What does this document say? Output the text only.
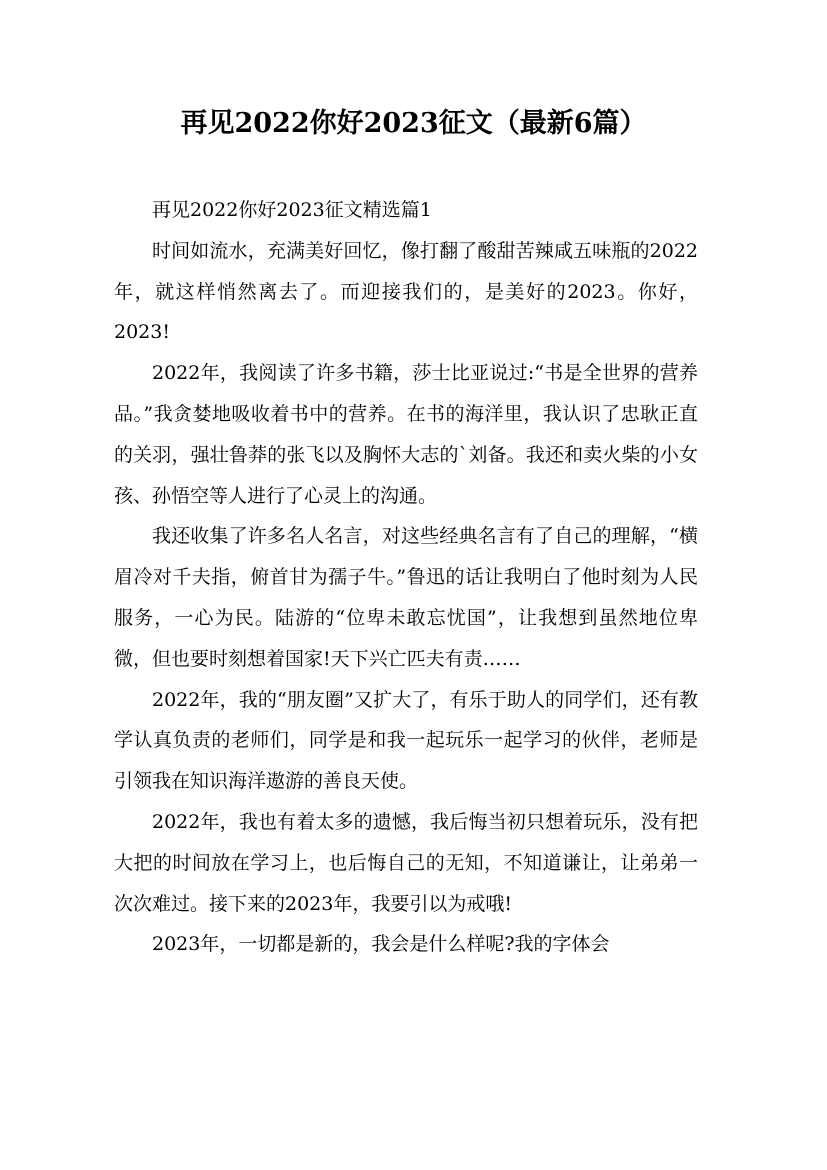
再见2022你好2023征文（最新6篇）

再见2022你好2023征文精选篇1

时间如流水，充满美好回忆，像打翻了酸甜苦辣咸五味瓶的2022年，就这样悄然离去了。而迎接我们的，是美好的2023。你好，2023!

2022年，我阅读了许多书籍，莎士比亚说过:“书是全世界的营养品。”我贪婪地吸收着书中的营养。在书的海洋里，我认识了忠耿正直的关羽，强壮鲁莽的张飞以及胸怀大志的`刘备。我还和卖火柴的小女孩、孙悟空等人进行了心灵上的沟通。

我还收集了许多名人名言，对这些经典名言有了自己的理解，“横眉冷对千夫指，俯首甘为孺子牛。”鲁迅的话让我明白了他时刻为人民服务，一心为民。陆游的“位卑未敢忘忧国”，让我想到虽然地位卑微，但也要时刻想着国家!天下兴亡匹夫有责……

2022年，我的“朋友圈”又扩大了，有乐于助人的同学们，还有教学认真负责的老师们，同学是和我一起玩乐一起学习的伙伴，老师是引领我在知识海洋遨游的善良天使。

2022年，我也有着太多的遗憾，我后悔当初只想着玩乐，没有把大把的时间放在学习上，也后悔自己的无知，不知道谦让，让弟弟一次次难过。接下来的2023年，我要引以为戒哦!

2023年，一切都是新的，我会是什么样呢?我的字体会
